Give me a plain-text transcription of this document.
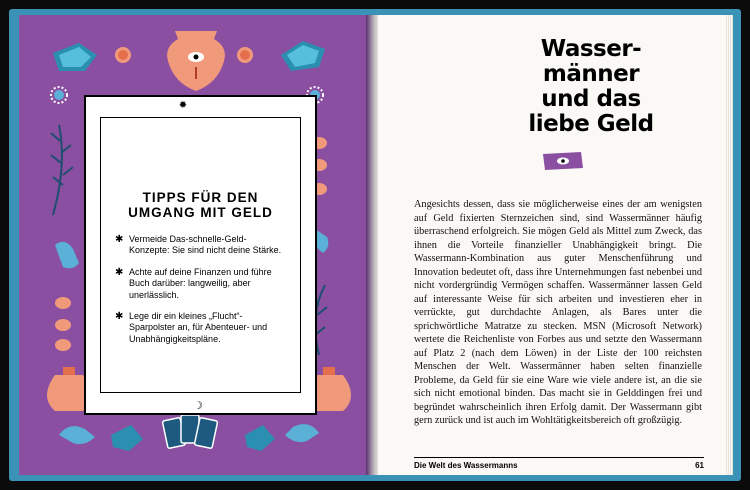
✹
TIPPS FÜR DEN
UMGANG MIT GELD
✱ Vermeide Das-schnelle-Geld-Konzepte: Sie sind nicht deine Stärke.
✱ Achte auf deine Finanzen und führe Buch darüber: langweilig, aber unerlässlich.
✱ Lege dir ein kleines „Flucht“-Sparpolster an, für Abenteuer- und Unabhängigkeitspläne.
☽
Wasser-
männer
und das
liebe Geld
Angesichts dessen, dass sie möglicherweise eines der am wenigsten auf Geld fixierten Sternzeichen sind, sind Wassermänner häufig überraschend erfolgreich. Sie mögen Geld als Mittel zum Zweck, das ihnen die Vorteile finanzieller Unabhängigkeit bringt. Die Wassermann-Kombination aus guter Menschenführung und Innovation bedeutet oft, dass ihre Unternehmungen fast nebenbei und nicht vordergründig Vermögen schaffen. Wassermänner lassen Geld auf interessante Weise für sich arbeiten und investieren eher in verrückte, gut durchdachte Anlagen, als Bares unter die sprichwörtliche Matratze zu stecken. MSN (Microsoft Network) wertete die Reichenliste von Forbes aus und setzte den Wassermann auf Platz 2 (nach dem Löwen) in der Liste der 100 reichsten Menschen der Welt. Wassermänner haben selten finanzielle Probleme, da Geld für sie eine Ware wie viele andere ist, an die sie sich nicht emotional binden. Das macht sie in Gelddingen frei und begründet wahrscheinlich ihren Erfolg damit. Der Wassermann gibt gern zurück und ist auch im Wohltätigkeitsbereich oft großzügig.
Die Welt des Wassermanns	61
